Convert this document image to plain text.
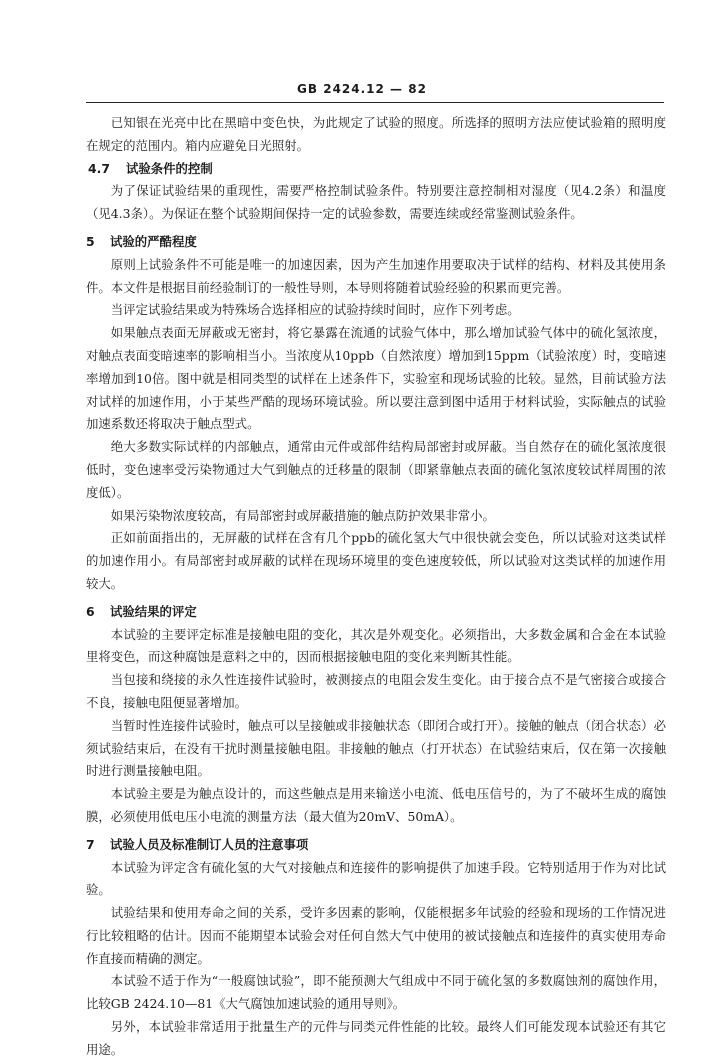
GB 2424.12 — 82

已知银在光亮中比在黑暗中变色快，为此规定了试验的照度。所选择的照明方法应使试验箱的照明度在规定的范围内。箱内应避免日光照射。

4.7 试验条件的控制

为了保证试验结果的重现性，需要严格控制试验条件。特别要注意控制相对湿度（见4.2条）和温度（见4.3条）。为保证在整个试验期间保持一定的试验参数，需要连续或经常鉴测试验条件。

5 试验的严酷程度

原则上试验条件不可能是唯一的加速因素，因为产生加速作用要取决于试样的结构、材料及其使用条件。本文件是根据目前经验制订的一般性导则，本导则将随着试验经验的积累而更完善。

当评定试验结果或为特殊场合选择相应的试验持续时间时，应作下列考虑。

如果触点表面无屏蔽或无密封，将它暴露在流通的试验气体中，那么增加试验气体中的硫化氢浓度，对触点表面变暗速率的影响相当小。当浓度从10ppb（自然浓度）增加到15ppm（试验浓度）时，变暗速率增加到10倍。图中就是相同类型的试样在上述条件下，实验室和现场试验的比较。显然，目前试验方法对试样的加速作用，小于某些严酷的现场环境试验。所以要注意到图中适用于材料试验，实际触点的试验加速系数还将取决于触点型式。

绝大多数实际试样的内部触点，通常由元件或部件结构局部密封或屏蔽。当自然存在的硫化氢浓度很低时，变色速率受污染物通过大气到触点的迁移量的限制（即紧靠触点表面的硫化氢浓度较试样周围的浓度低）。

如果污染物浓度较高，有局部密封或屏蔽措施的触点防护效果非常小。

正如前面指出的，无屏蔽的试样在含有几个ppb的硫化氢大气中很快就会变色，所以试验对这类试样的加速作用小。有局部密封或屏蔽的试样在现场环境里的变色速度较低，所以试验对这类试样的加速作用较大。

6 试验结果的评定

本试验的主要评定标准是接触电阻的变化，其次是外观变化。必须指出，大多数金属和合金在本试验里将变色，而这种腐蚀是意料之中的，因而根据接触电阻的变化来判断其性能。

当包接和绕接的永久性连接件试验时，被测接点的电阻会发生变化。由于接合点不是气密接合或接合不良，接触电阻便显著增加。

当暂时性连接件试验时，触点可以呈接触或非接触状态（即闭合或打开）。接触的触点（闭合状态）必须试验结束后，在没有干扰时测量接触电阻。非接触的触点（打开状态）在试验结束后，仅在第一次接触时进行测量接触电阻。

本试验主要是为触点设计的，而这些触点是用来输送小电流、低电压信号的，为了不破坏生成的腐蚀膜，必须使用低电压小电流的测量方法（最大值为20mV、50mA）。

7 试验人员及标准制订人员的注意事项

本试验为评定含有硫化氢的大气对接触点和连接件的影响提供了加速手段。它特别适用于作为对比试验。

试验结果和使用寿命之间的关系，受许多因素的影响，仅能根据多年试验的经验和现场的工作情况进行比较粗略的估计。因而不能期望本试验会对任何自然大气中使用的被试接触点和连接件的真实使用寿命作直接而精确的测定。

本试验不适于作为“一般腐蚀试验”，即不能预测大气组成中不同于硫化氢的多数腐蚀剂的腐蚀作用，比较GB 2424.10—81《大气腐蚀加速试验的通用导则》。

另外，本试验非常适用于批量生产的元件与同类元件性能的比较。最终人们可能发现本试验还有其它用途。
